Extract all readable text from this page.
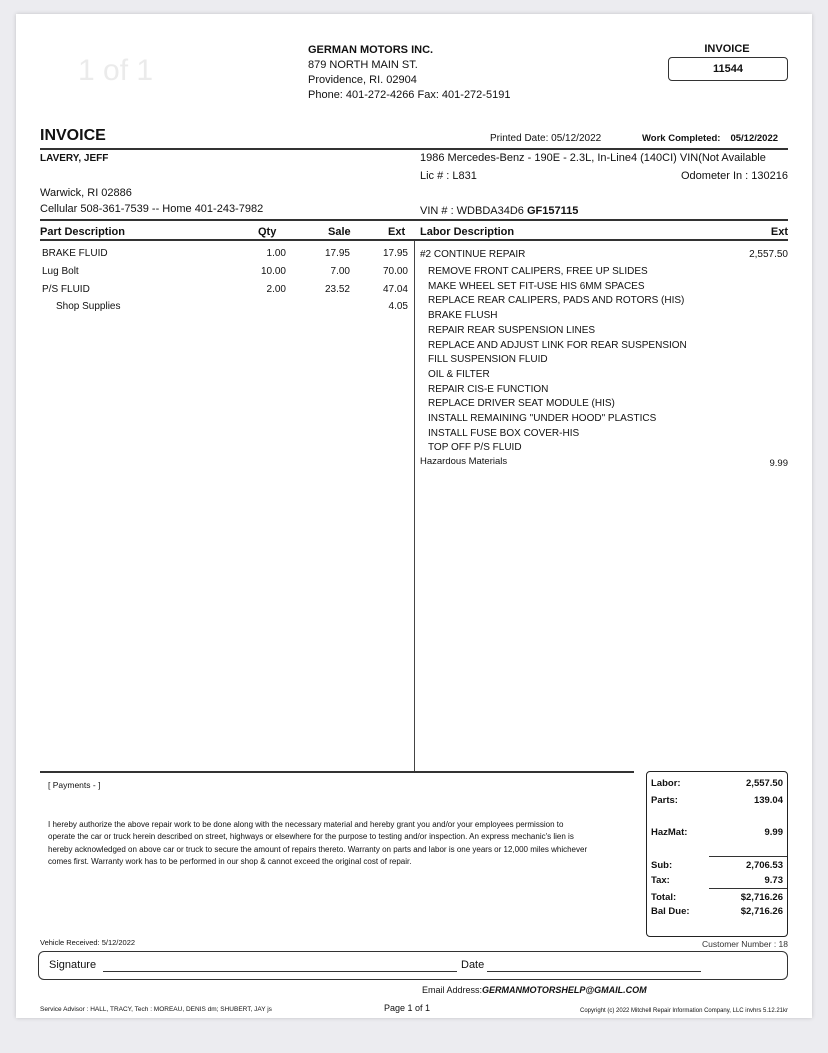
1 of 1
GERMAN MOTORS INC.
879 NORTH MAIN ST.
Providence, RI. 02904
Phone: 401-272-4266 Fax: 401-272-5191
INVOICE
11544
INVOICE	Printed Date: 05/12/2022	Work Completed: 05/12/2022
LAVERY, JEFF	1986 Mercedes-Benz - 190E - 2.3L, In-Line4 (140CI) VIN(Not Available
Lic # : L831	Odometer In : 130216
Warwick, RI 02886
Cellular 508-361-7539 -- Home 401-243-7982	VIN # : WDBDA34D6 GF157115
Part Description	Qty	Sale	Ext Labor Description	Ext
BRAKE FLUID	1.00	17.95	17.95
Lug Bolt	10.00	7.00	70.00
P/S FLUID	2.00	23.52	47.04
Shop Supplies	4.05
#2 CONTINUE REPAIR	2,557.50
REMOVE FRONT CALIPERS, FREE UP SLIDES
MAKE WHEEL SET FIT-USE HIS 6MM SPACES
REPLACE REAR CALIPERS, PADS AND ROTORS (HIS)
BRAKE FLUSH
REPAIR REAR SUSPENSION LINES
REPLACE AND ADJUST LINK FOR REAR SUSPENSION
FILL SUSPENSION FLUID
OIL & FILTER
REPAIR CIS-E FUNCTION
REPLACE DRIVER SEAT MODULE (HIS)
INSTALL REMAINING "UNDER HOOD" PLASTICS
INSTALL FUSE BOX COVER-HIS
TOP OFF P/S FLUID
Hazardous Materials	9.99
[ Payments - ]
I hereby authorize the above repair work to be done along with the necessary material and hereby grant you and/or your employees permission to operate the car or truck herein described on street, highways or elsewhere for the purpose to testing and/or inspection. An express mechanic's lien is hereby acknowledged on above car or truck to secure the amount of repairs thereto. Warranty on parts and labor is one years or 12,000 miles whichever comes first. Warranty work has to be performed in our shop & cannot exceed the original cost of repair.
Labor:	2,557.50
Parts:	139.04
HazMat:	9.99
Sub:	2,706.53
Tax:	9.73
Total:	$2,716.26
Bal Due:	$2,716.26
Vehicle Received: 5/12/2022	Customer Number : 18
Signature	Date
Email Address:GERMANMOTORSHELP@GMAIL.COM
Service Advisor : HALL, TRACY, Tech : MOREAU, DENIS dm; SHUBERT, JAY js	Page 1 of 1	Copyright (c) 2022 Mitchell Repair Information Company, LLC invhrs 5.12.21kr
